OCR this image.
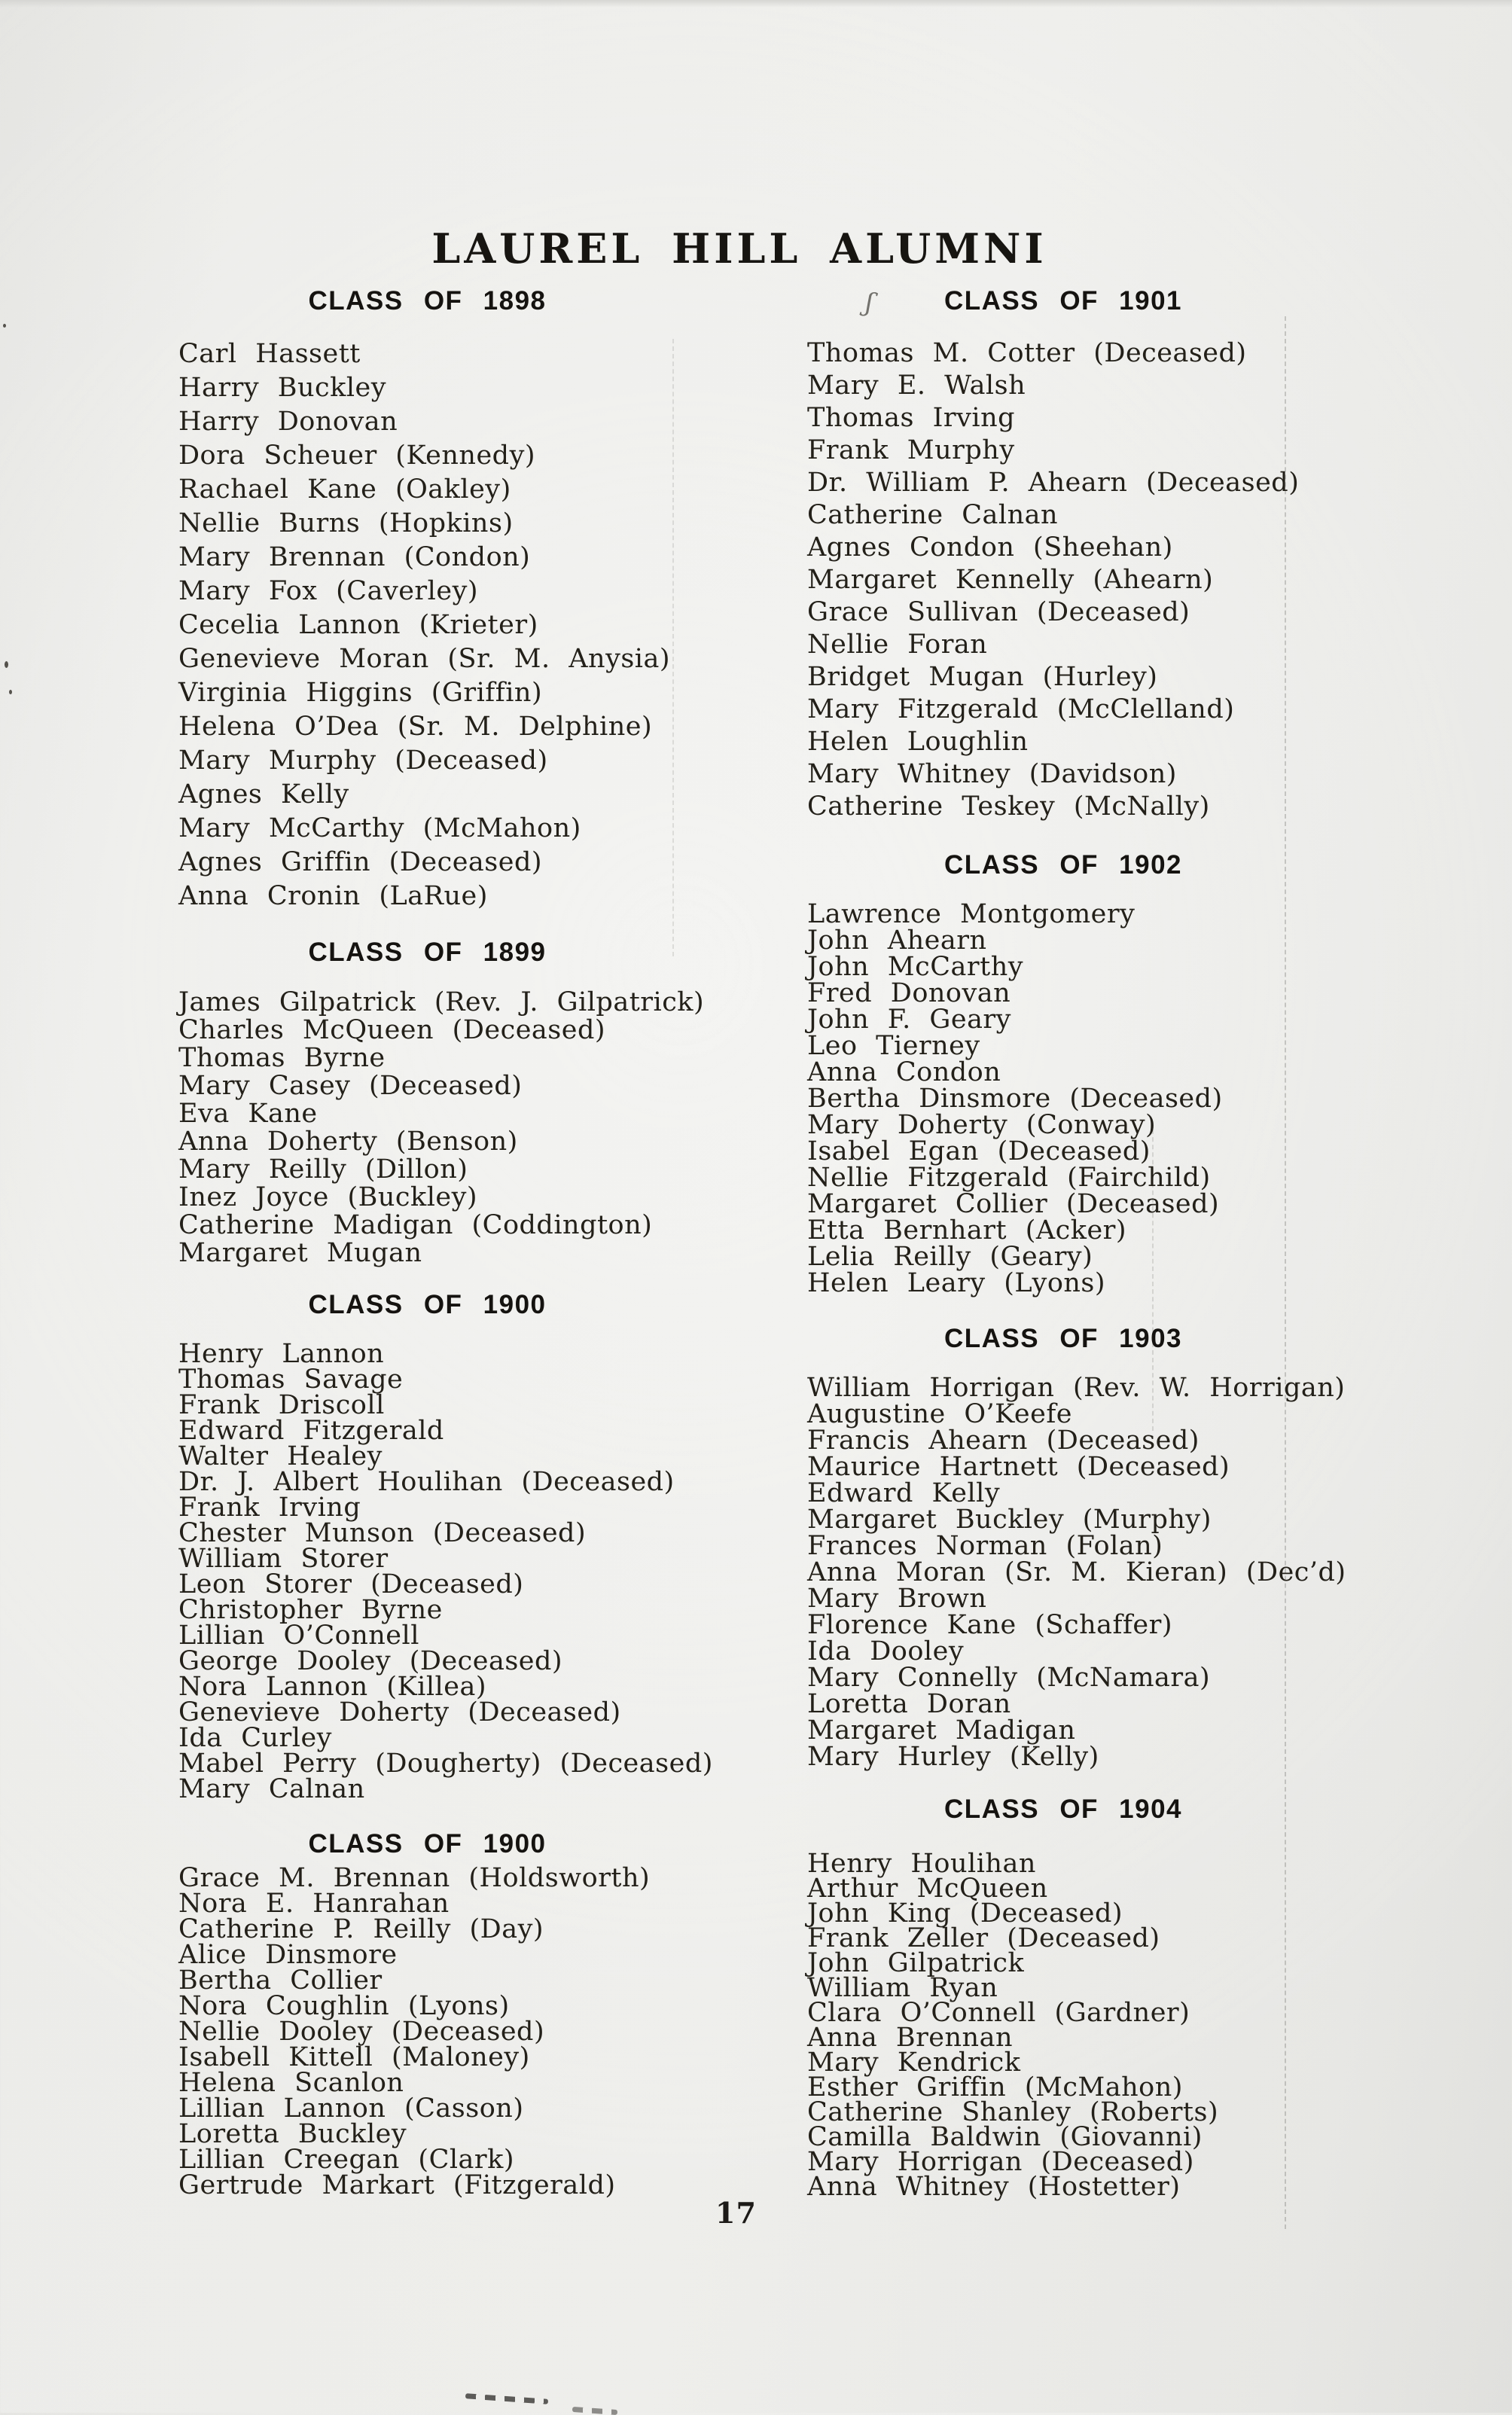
LAUREL HILL ALUMNI
ʃ
CLASS OF 1898
Carl Hassett
Harry Buckley
Harry Donovan
Dora Scheuer (Kennedy)
Rachael Kane (Oakley)
Nellie Burns (Hopkins)
Mary Brennan (Condon)
Mary Fox (Caverley)
Cecelia Lannon (Krieter)
Genevieve Moran (Sr. M. Anysia)
Virginia Higgins (Griffin)
Helena O’Dea (Sr. M. Delphine)
Mary Murphy (Deceased)
Agnes Kelly
Mary McCarthy (McMahon)
Agnes Griffin (Deceased)
Anna Cronin (LaRue)
CLASS OF 1899
James Gilpatrick (Rev. J. Gilpatrick)
Charles McQueen (Deceased)
Thomas Byrne
Mary Casey (Deceased)
Eva Kane
Anna Doherty (Benson)
Mary Reilly (Dillon)
Inez Joyce (Buckley)
Catherine Madigan (Coddington)
Margaret Mugan
CLASS OF 1900
Henry Lannon
Thomas Savage
Frank Driscoll
Edward Fitzgerald
Walter Healey
Dr. J. Albert Houlihan (Deceased)
Frank Irving
Chester Munson (Deceased)
William Storer
Leon Storer (Deceased)
Christopher Byrne
Lillian O’Connell
George Dooley (Deceased)
Nora Lannon (Killea)
Genevieve Doherty (Deceased)
Ida Curley
Mabel Perry (Dougherty) (Deceased)
Mary Calnan
CLASS OF 1900
Grace M. Brennan (Holdsworth)
Nora E. Hanrahan
Catherine P. Reilly (Day)
Alice Dinsmore
Bertha Collier
Nora Coughlin (Lyons)
Nellie Dooley (Deceased)
Isabell Kittell (Maloney)
Helena Scanlon
Lillian Lannon (Casson)
Loretta Buckley
Lillian Creegan (Clark)
Gertrude Markart (Fitzgerald)
CLASS OF 1901
Thomas M. Cotter (Deceased)
Mary E. Walsh
Thomas Irving
Frank Murphy
Dr. William P. Ahearn (Deceased)
Catherine Calnan
Agnes Condon (Sheehan)
Margaret Kennelly (Ahearn)
Grace Sullivan (Deceased)
Nellie Foran
Bridget Mugan (Hurley)
Mary Fitzgerald (McClelland)
Helen Loughlin
Mary Whitney (Davidson)
Catherine Teskey (McNally)
CLASS OF 1902
Lawrence Montgomery
John Ahearn
John McCarthy
Fred Donovan
John F. Geary
Leo Tierney
Anna Condon
Bertha Dinsmore (Deceased)
Mary Doherty (Conway)
Isabel Egan (Deceased)
Nellie Fitzgerald (Fairchild)
Margaret Collier (Deceased)
Etta Bernhart (Acker)
Lelia Reilly (Geary)
Helen Leary (Lyons)
CLASS OF 1903
William Horrigan (Rev. W. Horrigan)
Augustine O’Keefe
Francis Ahearn (Deceased)
Maurice Hartnett (Deceased)
Edward Kelly
Margaret Buckley (Murphy)
Frances Norman (Folan)
Anna Moran (Sr. M. Kieran) (Dec’d)
Mary Brown
Florence Kane (Schaffer)
Ida Dooley
Mary Connelly (McNamara)
Loretta Doran
Margaret Madigan
Mary Hurley (Kelly)
CLASS OF 1904
Henry Houlihan
Arthur McQueen
John King (Deceased)
Frank Zeller (Deceased)
John Gilpatrick
William Ryan
Clara O’Connell (Gardner)
Anna Brennan
Mary Kendrick
Esther Griffin (McMahon)
Catherine Shanley (Roberts)
Camilla Baldwin (Giovanni)
Mary Horrigan (Deceased)
Anna Whitney (Hostetter)
17
